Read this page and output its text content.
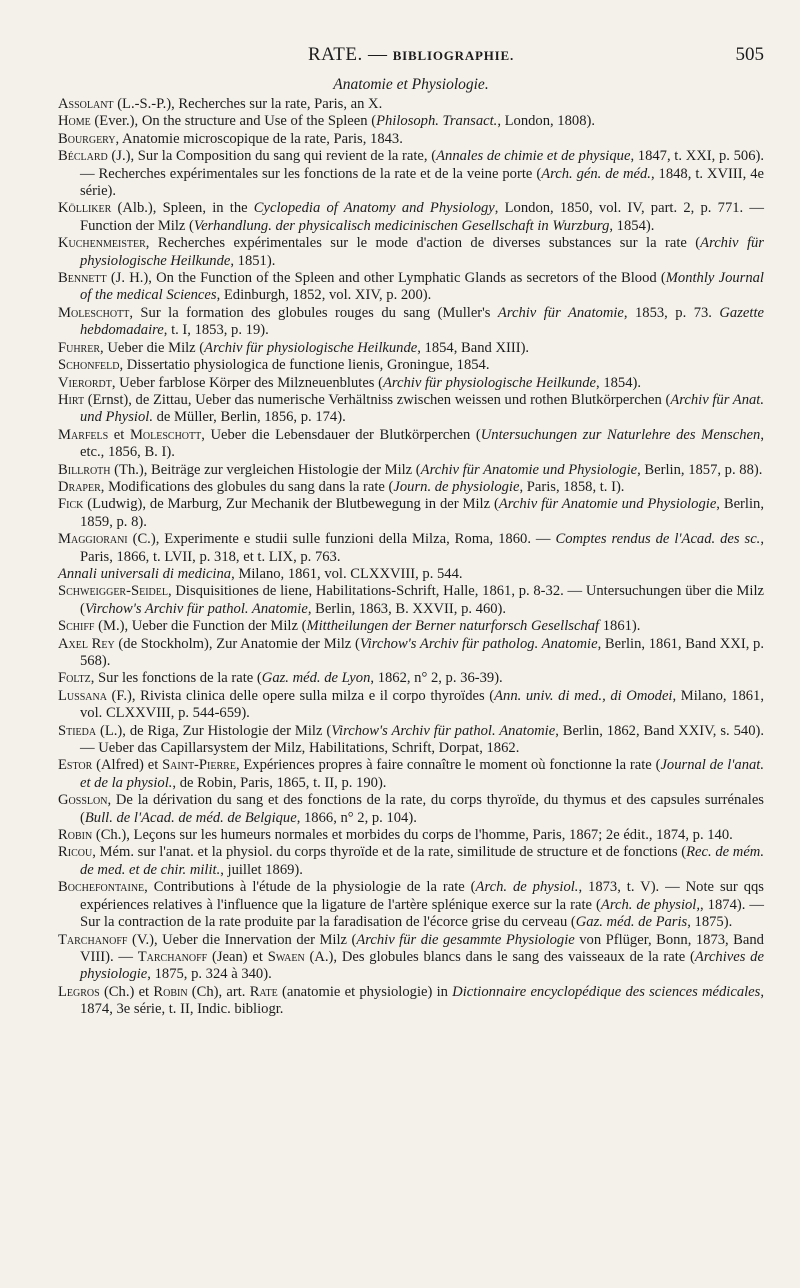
RATE. — BIBLIOGRAPHIE.	505
Anatomie et Physiologie.

Assolant (L.-S.-P.), Recherches sur la rate, Paris, an X.

Home (Ever.), On the structure and Use of the Spleen (Philosoph. Transact., London, 1808).

Bourgery, Anatomie microscopique de la rate, Paris, 1843.

Béclard (J.), Sur la Composition du sang qui revient de la rate, (Annales de chimie et de physique, 1847, t. XXI, p. 506). — Recherches expérimentales sur les fonctions de la rate et de la veine porte (Arch. gén. de méd., 1848, t. XVIII, 4e série).

Kölliker (Alb.), Spleen, in the Cyclopedia of Anatomy and Physiology, London, 1850, vol. IV, part. 2, p. 771. — Function der Milz (Verhandlung. der physicalisch medicinischen Gesellschaft in Wurzburg, 1854).

Kuchenmeister, Recherches expérimentales sur le mode d'action de diverses substances sur la rate (Archiv für physiologische Heilkunde, 1851).

Bennett (J. H.), On the Function of the Spleen and other Lymphatic Glands as secretors of the Blood (Monthly Journal of the medical Sciences, Edinburgh, 1852, vol. XIV, p. 200).

Moleschott, Sur la formation des globules rouges du sang (Muller's Archiv für Anatomie, 1853, p. 73. Gazette hebdomadaire, t. I, 1853, p. 19).

Fuhrer, Ueber die Milz (Archiv für physiologische Heilkunde, 1854, Band XIII).

Schonfeld, Dissertatio physiologica de functione lienis, Groningue, 1854.

Vierordt, Ueber farblose Körper des Milzneuenblutes (Archiv für physiologische Heilkunde, 1854).

Hirt (Ernst), de Zittau, Ueber das numerische Verhältniss zwischen weissen und rothen Blutkörperchen (Archiv für Anat. und Physiol. de Müller, Berlin, 1856, p. 174).

Marfels et Moleschott, Ueber die Lebensdauer der Blutkörperchen (Untersuchungen zur Naturlehre des Menschen, etc., 1856, B. I).

Billroth (Th.), Beiträge zur vergleichen Histologie der Milz (Archiv für Anatomie und Physiologie, Berlin, 1857, p. 88).

Draper, Modifications des globules du sang dans la rate (Journ. de physiologie, Paris, 1858, t. I).

Fick (Ludwig), de Marburg, Zur Mechanik der Blutbewegung in der Milz (Archiv für Anatomie und Physiologie, Berlin, 1859, p. 8).

Maggiorani (C.), Experimente e studii sulle funzioni della Milza, Roma, 1860. — Comptes rendus de l'Acad. des sc., Paris, 1866, t. LVII, p. 318, et t. LIX, p. 763.

Annali universali di medicina, Milano, 1861, vol. CLXXVIII, p. 544.

Schweigger-Seidel, Disquisitiones de liene, Habilitations-Schrift, Halle, 1861, p. 8-32. — Untersuchungen über die Milz (Virchow's Archiv für pathol. Anatomie, Berlin, 1863, B. XXVII, p. 460).

Schiff (M.), Ueber die Function der Milz (Mittheilungen der Berner naturforsch Gesellschaf 1861).

Axel Rey (de Stockholm), Zur Anatomie der Milz (Virchow's Archiv für patholog. Anatomie, Berlin, 1861, Band XXI, p. 568).

Foltz, Sur les fonctions de la rate (Gaz. méd. de Lyon, 1862, n° 2, p. 36-39).

Lussana (F.), Rivista clinica delle opere sulla milza e il corpo thyroïdes (Ann. univ. di med., di Omodei, Milano, 1861, vol. CLXXVIII, p. 544-659).

Stieda (L.), de Riga, Zur Histologie der Milz (Virchow's Archiv für pathol. Anatomie, Berlin, 1862, Band XXIV, s. 540). — Ueber das Capillarsystem der Milz, Habilitations, Schrift, Dorpat, 1862.

Estor (Alfred) et Saint-Pierre, Expériences propres à faire connaître le moment où fonctionne la rate (Journal de l'anat. et de la physiol., de Robin, Paris, 1865, t. II, p. 190).

Gosslon, De la dérivation du sang et des fonctions de la rate, du corps thyroïde, du thymus et des capsules surrénales (Bull. de l'Acad. de méd. de Belgique, 1866, n° 2, p. 104).

Robin (Ch.), Leçons sur les humeurs normales et morbides du corps de l'homme, Paris, 1867; 2e édit., 1874, p. 140.

Ricou, Mém. sur l'anat. et la physiol. du corps thyroïde et de la rate, similitude de structure et de fonctions (Rec. de mém. de med. et de chir. milit., juillet 1869).

Bochefontaine, Contributions à l'étude de la physiologie de la rate (Arch. de physiol., 1873, t. V). — Note sur qqs expériences relatives à l'influence que la ligature de l'artère splénique exerce sur la rate (Arch. de physiol,, 1874). — Sur la contraction de la rate produite par la faradisation de l'écorce grise du cerveau (Gaz. méd. de Paris, 1875).

Tarchanoff (V.), Ueber die Innervation der Milz (Archiv für die gesammte Physiologie von Pflüger, Bonn, 1873, Band VIII). — Tarchanoff (Jean) et Swaen (A.), Des globules blancs dans le sang des vaisseaux de la rate (Archives de physiologie, 1875, p. 324 à 340).

Legros (Ch.) et Robin (Ch), art. Rate (anatomie et physiologie) in Dictionnaire encyclopédique des sciences médicales, 1874, 3e série, t. II, Indic. bibliogr.
